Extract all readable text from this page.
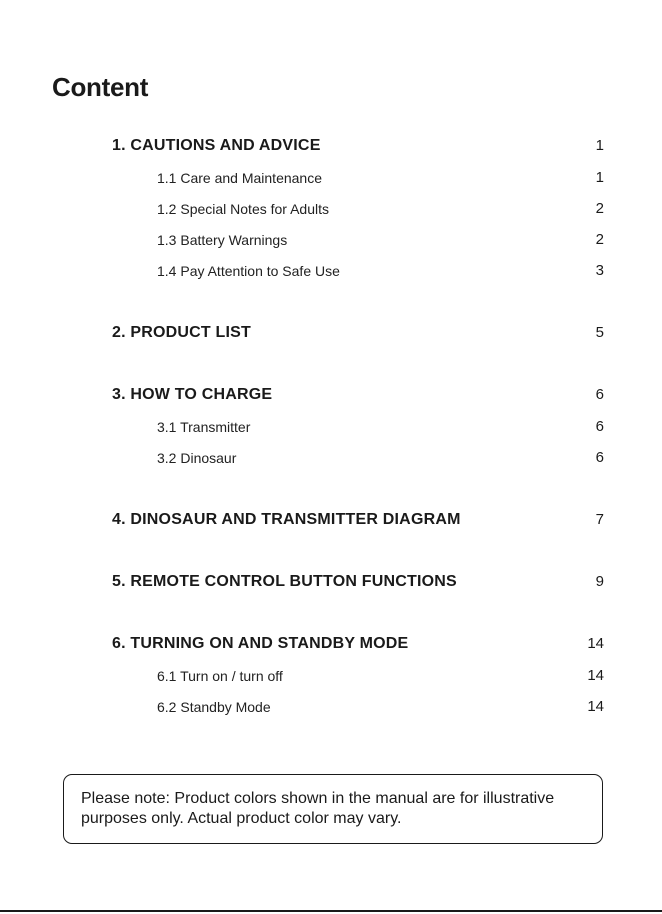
Content
1. CAUTIONS AND ADVICE	1
1.1 Care and Maintenance	1
1.2 Special Notes for Adults	2
1.3 Battery Warnings	2
1.4 Pay Attention to Safe Use	3
2. PRODUCT LIST	5
3. HOW TO CHARGE	6
3.1 Transmitter	6
3.2 Dinosaur	6
4. DINOSAUR AND TRANSMITTER DIAGRAM	7
5. REMOTE CONTROL BUTTON FUNCTIONS	9
6. TURNING ON AND STANDBY MODE	14
6.1 Turn on / turn off	14
6.2 Standby Mode	14
Please note: Product colors shown in the manual are for illustrative purposes only. Actual product color may vary.
